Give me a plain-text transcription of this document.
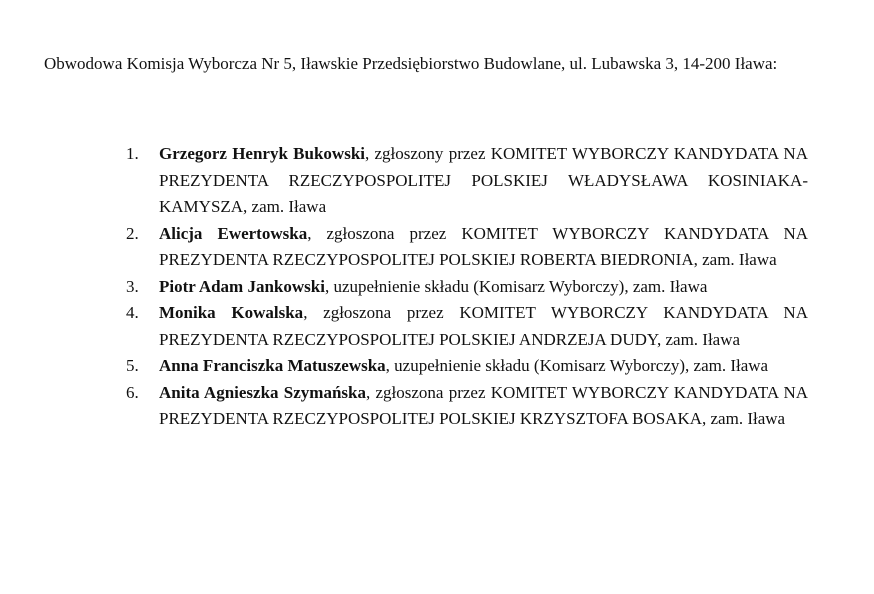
Obwodowa Komisja Wyborcza Nr 5, Iławskie Przedsiębiorstwo Budowlane, ul. Lubawska 3, 14-200 Iława:

1.	Grzegorz Henryk Bukowski, zgłoszony przez KOMITET WYBORCZY KANDYDATA NA PREZYDENTA RZECZYPOSPOLITEJ POLSKIEJ WŁADYSŁAWA KOSINIAKA-KAMYSZA, zam. Iława
2.	Alicja Ewertowska, zgłoszona przez KOMITET WYBORCZY KANDYDATA NA PREZYDENTA RZECZYPOSPOLITEJ POLSKIEJ ROBERTA BIEDRONIA, zam. Iława
3.	Piotr Adam Jankowski, uzupełnienie składu (Komisarz Wyborczy), zam. Iława
4.	Monika Kowalska, zgłoszona przez KOMITET WYBORCZY KANDYDATA NA PREZYDENTA RZECZYPOSPOLITEJ POLSKIEJ ANDRZEJA DUDY, zam. Iława
5.	Anna Franciszka Matuszewska, uzupełnienie składu (Komisarz Wyborczy), zam. Iława
6.	Anita Agnieszka Szymańska, zgłoszona przez KOMITET WYBORCZY KANDYDATA NA PREZYDENTA RZECZYPOSPOLITEJ POLSKIEJ KRZYSZTOFA BOSAKA, zam. Iława
